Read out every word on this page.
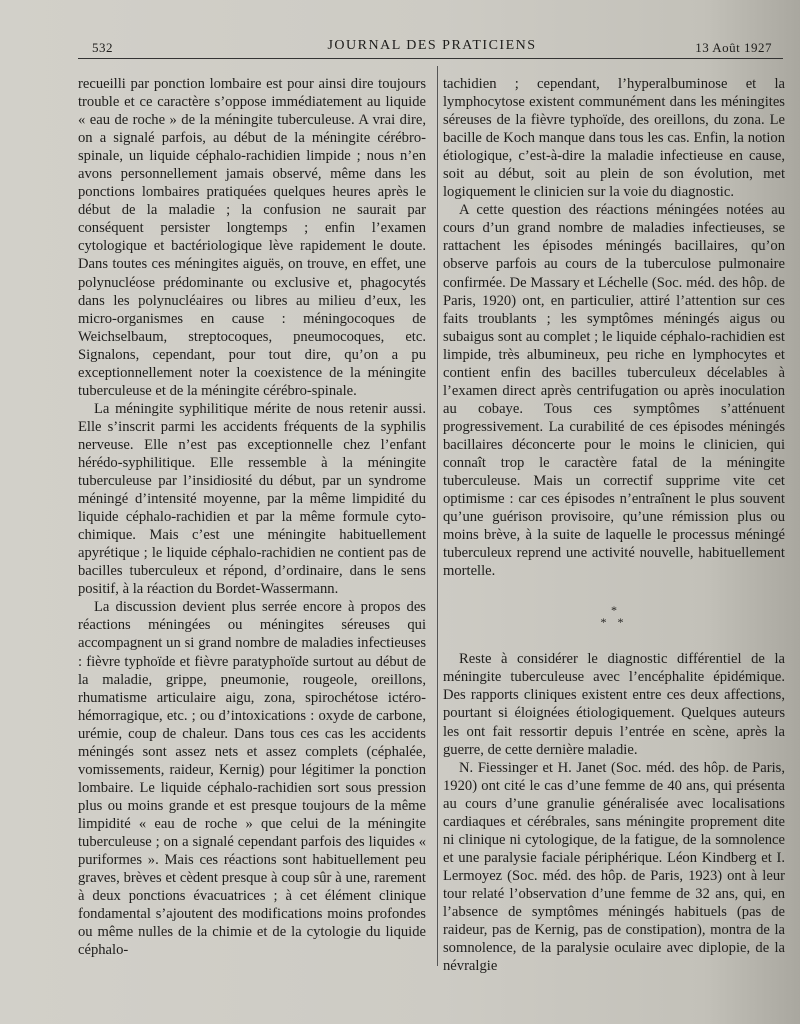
532	JOURNAL DES PRATICIENS	13 Août 1927

recueilli par ponction lombaire est pour ainsi dire toujours trouble et ce caractère s’oppose immédiatement au liquide « eau de roche » de la méningite tuberculeuse. A vrai dire, on a signalé parfois, au début de la méningite cérébro-spinale, un liquide céphalo-rachidien limpide ; nous n’en avons personnellement jamais observé, même dans les ponctions lombaires pratiquées quelques heures après le début de la maladie ; la confusion ne saurait par conséquent persister longtemps ; enfin l’examen cytologique et bactériologique lève rapidement le doute. Dans toutes ces méningites aiguës, on trouve, en effet, une polynucléose prédominante ou exclusive et, phagocytés dans les polynucléaires ou libres au milieu d’eux, les micro-organismes en cause : méningocoques de Weichselbaum, streptocoques, pneumocoques, etc. Signalons, cependant, pour tout dire, qu’on a pu exceptionnellement noter la coexistence de la méningite tuberculeuse et de la méningite cérébro-spinale.

La méningite syphilitique mérite de nous retenir aussi. Elle s’inscrit parmi les accidents fréquents de la syphilis nerveuse. Elle n’est pas exceptionnelle chez l’enfant hérédo-syphilitique. Elle ressemble à la méningite tuberculeuse par l’insidiosité du début, par un syndrome méningé d’intensité moyenne, par la même limpidité du liquide céphalo-rachidien et par la même formule cyto-chimique. Mais c’est une méningite habituellement apyrétique ; le liquide céphalo-rachidien ne contient pas de bacilles tuberculeux et répond, d’ordinaire, dans le sens positif, à la réaction du Bordet-Wassermann.

La discussion devient plus serrée encore à propos des réactions méningées ou méningites séreuses qui accompagnent un si grand nombre de maladies infectieuses : fièvre typhoïde et fièvre paratyphoïde surtout au début de la maladie, grippe, pneumonie, rougeole, oreillons, rhumatisme articulaire aigu, zona, spirochétose ictéro-hémorragique, etc. ; ou d’intoxications : oxyde de carbone, urémie, coup de chaleur. Dans tous ces cas les accidents méningés sont assez nets et assez complets (céphalée, vomissements, raideur, Kernig) pour légitimer la ponction lombaire. Le liquide céphalo-rachidien sort sous pression plus ou moins grande et est presque toujours de la même limpidité « eau de roche » que celui de la méningite tuberculeuse ; on a signalé cependant parfois des liquides « puriformes ». Mais ces réactions sont habituellement peu graves, brèves et cèdent presque à coup sûr à une, rarement à deux ponctions évacuatrices ; à cet élément clinique fondamental s’ajoutent des modifications moins profondes ou même nulles de la chimie et de la cytologie du liquide céphalo-

tachidien ; cependant, l’hyperalbuminose et la lymphocytose existent communément dans les méningites séreuses de la fièvre typhoïde, des oreillons, du zona. Le bacille de Koch manque dans tous les cas. Enfin, la notion étiologique, c’est-à-dire la maladie infectieuse en cause, soit au début, soit au plein de son évolution, met logiquement le clinicien sur la voie du diagnostic.

A cette question des réactions méningées notées au cours d’un grand nombre de maladies infectieuses, se rattachent les épisodes méningés bacillaires, qu’on observe parfois au cours de la tuberculose pulmonaire confirmée. De Massary et Léchelle (Soc. méd. des hôp. de Paris, 1920) ont, en particulier, attiré l’attention sur ces faits troublants ; les symptômes méningés aigus ou subaigus sont au complet ; le liquide céphalo-rachidien est limpide, très albumineux, peu riche en lymphocytes et contient enfin des bacilles tuberculeux décelables à l’examen direct après centrifugation ou après inoculation au cobaye. Tous ces symptômes s’atténuent progressivement. La curabilité de ces épisodes méningés bacillaires déconcerte pour le moins le clinicien, qui connaît trop le caractère fatal de la méningite tuberculeuse. Mais un correctif supprime vite cet optimisme : car ces épisodes n’entraînent le plus souvent qu’une guérison provisoire, qu’une rémission plus ou moins brève, à la suite de laquelle le processus méningé tuberculeux reprend une activité nouvelle, habituellement mortelle.

*
* *

Reste à considérer le diagnostic différentiel de la méningite tuberculeuse avec l’encéphalite épidémique. Des rapports cliniques existent entre ces deux affections, pourtant si éloignées étiologiquement. Quelques auteurs les ont fait ressortir depuis l’entrée en scène, après la guerre, de cette dernière maladie.

N. Fiessinger et H. Janet (Soc. méd. des hôp. de Paris, 1920) ont cité le cas d’une femme de 40 ans, qui présenta au cours d’une granulie généralisée avec localisations cardiaques et cérébrales, sans méningite proprement dite ni clinique ni cytologique, de la fatigue, de la somnolence et une paralysie faciale périphérique. Léon Kindberg et I. Lermoyez (Soc. méd. des hôp. de Paris, 1923) ont à leur tour relaté l’observation d’une femme de 32 ans, qui, en l’absence de symptômes méningés habituels (pas de raideur, pas de Kernig, pas de constipation), montra de la somnolence, de la paralysie oculaire avec diplopie, de la névralgie
